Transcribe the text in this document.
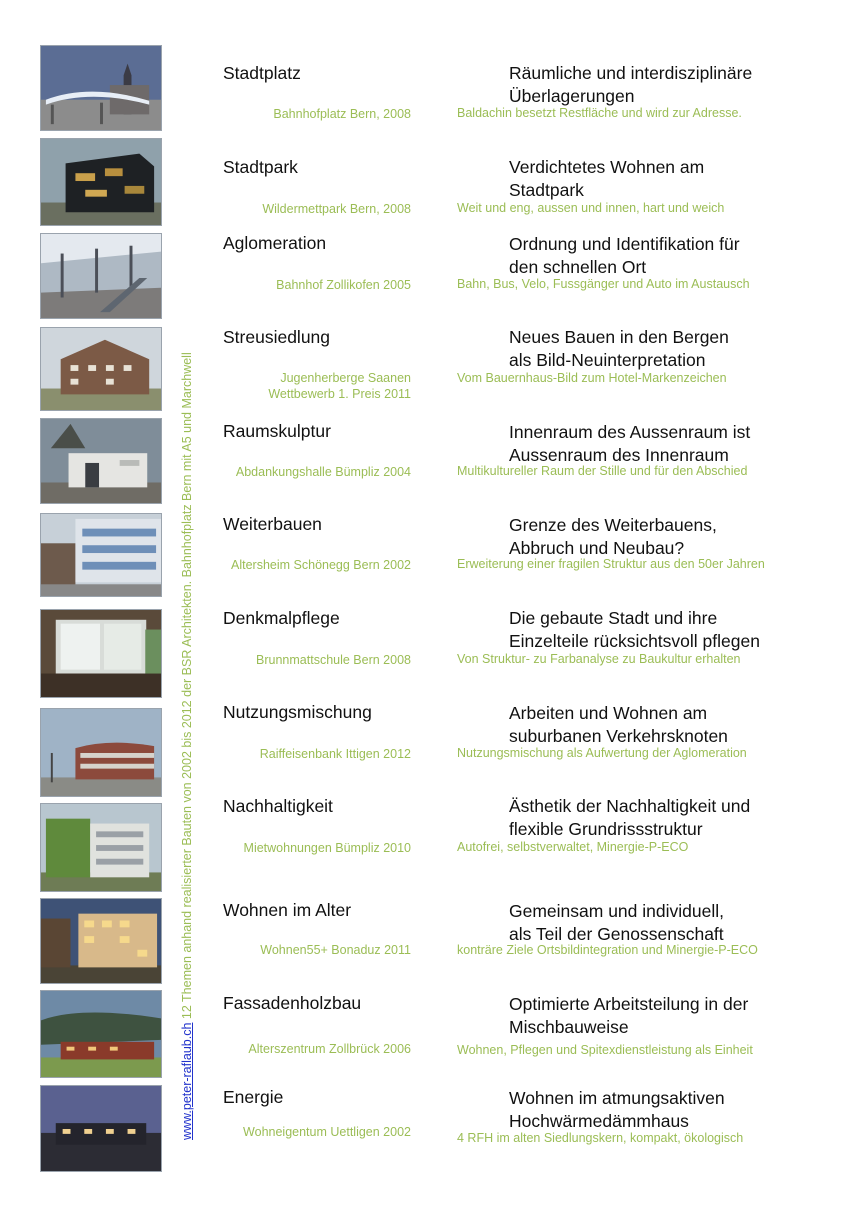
www.peter-raflaub.ch 12 Themen anhand realisierter Bauten von 2002 bis 2012 der BSR Architekten. Bahnhofplatz Bern mit A5 und Marchwell
Stadtplatz
Bahnhofplatz Bern, 2008
Räumliche und interdisziplinäre
Überlagerungen
Baldachin besetzt Restfläche und wird zur Adresse.
Stadtpark
Wildermettpark Bern, 2008
Verdichtetes Wohnen am
Stadtpark
Weit und eng, aussen und innen, hart und weich
Aglomeration
Bahnhof Zollikofen 2005
Ordnung und Identifikation für
den schnellen Ort
Bahn, Bus, Velo, Fussgänger und Auto im Austausch
Streusiedlung
Jugenherberge Saanen
Wettbewerb 1. Preis 2011
Neues Bauen in den Bergen
als Bild-Neuinterpretation
Vom Bauernhaus-Bild zum Hotel-Markenzeichen
Raumskulptur
Abdankungshalle Bümpliz 2004
Innenraum des Aussenraum ist
Aussenraum des Innenraum
Multikultureller Raum der Stille und für den Abschied
Weiterbauen
Altersheim Schönegg Bern 2002
Grenze des Weiterbauens,
Abbruch und Neubau?
Erweiterung einer fragilen Struktur aus den 50er Jahren
Denkmalpflege
Brunnmattschule Bern 2008
Die gebaute Stadt und ihre
Einzelteile rücksichtsvoll pflegen
Von Struktur- zu Farbanalyse zu Baukultur erhalten
Nutzungsmischung
Raiffeisenbank Ittigen 2012
Arbeiten und Wohnen am
suburbanen Verkehrsknoten
Nutzungsmischung als Aufwertung der Aglomeration
Nachhaltigkeit
Mietwohnungen Bümpliz 2010
Ästhetik der Nachhaltigkeit und
flexible Grundrissstruktur
Autofrei, selbstverwaltet, Minergie-P-ECO
Wohnen im Alter
Wohnen55+ Bonaduz 2011
Gemeinsam und individuell,
als Teil der Genossenschaft
konträre Ziele Ortsbildintegration und Minergie-P-ECO
Fassadenholzbau
Alterszentrum Zollbrück 2006
Optimierte Arbeitsteilung in der
Mischbauweise
Wohnen, Pflegen und Spitexdienstleistung als Einheit
Energie
Wohneigentum Uettligen 2002
Wohnen im atmungsaktiven
Hochwärmedämmhaus
4 RFH im alten Siedlungskern, kompakt, ökologisch
